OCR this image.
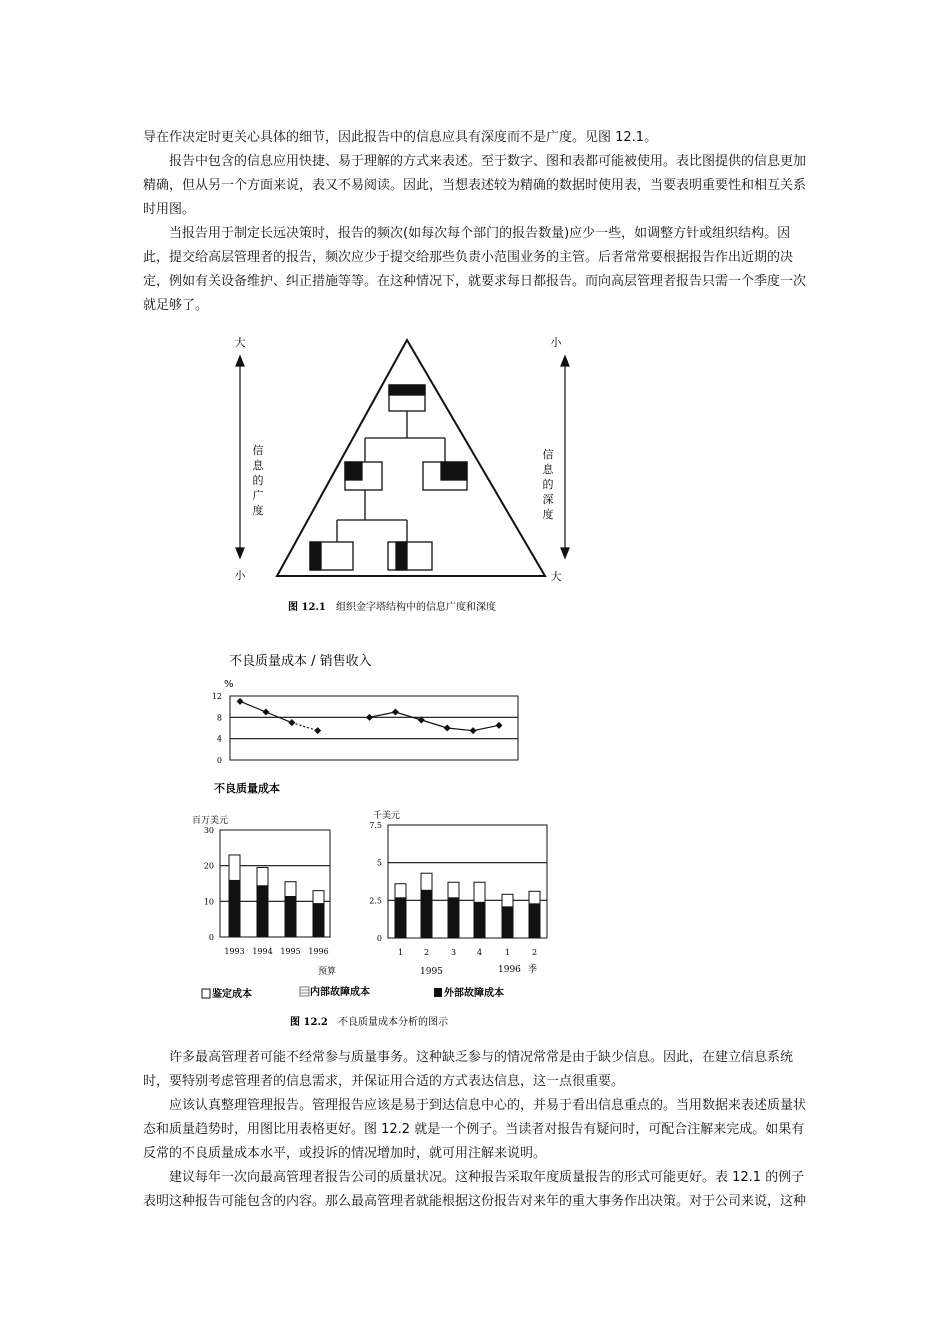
导在作决定时更关心具体的细节，因此报告中的信息应具有深度而不是广度。见图 12.1。

报告中包含的信息应用快捷、易于理解的方式来表述。至于数字、图和表都可能被使用。表比图提供的信息更加精确，但从另一个方面来说，表又不易阅读。因此，当想表述较为精确的数据时使用表，当要表明重要性和相互关系时用图。

当报告用于制定长远决策时，报告的频次(如每次每个部门的报告数量)应少一些，如调整方针或组织结构。因此，提交给高层管理者的报告，频次应少于提交给那些负责小范围业务的主管。后者常常要根据报告作出近期的决定，例如有关设备维护、纠正措施等等。在这种情况下，就要求每日都报告。而向高层管理者报告只需一个季度一次就足够了。

大
小
信
息
的
广
度
小
大
信
息
的
深
度
图 12.1 组织金字塔结构中的信息广度和深度
不良质量成本 / 销售收入
%
12
8
4
0
不良质量成本
百万美元
30
20
10
0
1993 1994 1995 1996
预算
千美元
7.5
5
2.5
0
1	2	3	4	1	2
1995	1996 季
鉴定成本	内部故障成本	外部故障成本
图 12.2 不良质量成本分析的图示

许多最高管理者可能不经常参与质量事务。这种缺乏参与的情况常常是由于缺少信息。因此，在建立信息系统时，要特别考虑管理者的信息需求，并保证用合适的方式表达信息，这一点很重要。

应该认真整理管理报告。管理报告应该是易于到达信息中心的，并易于看出信息重点的。当用数据来表述质量状态和质量趋势时，用图比用表格更好。图 12.2 就是一个例子。当读者对报告有疑问时，可配合注解来完成。如果有反常的不良质量成本水平，或投诉的情况增加时，就可用注解来说明。

建议每年一次向最高管理者报告公司的质量状况。这种报告采取年度质量报告的形式可能更好。表 12.1 的例子表明这种报告可能包含的内容。那么最高管理者就能根据这份报告对来年的重大事务作出决策。对于公司来说，这种
